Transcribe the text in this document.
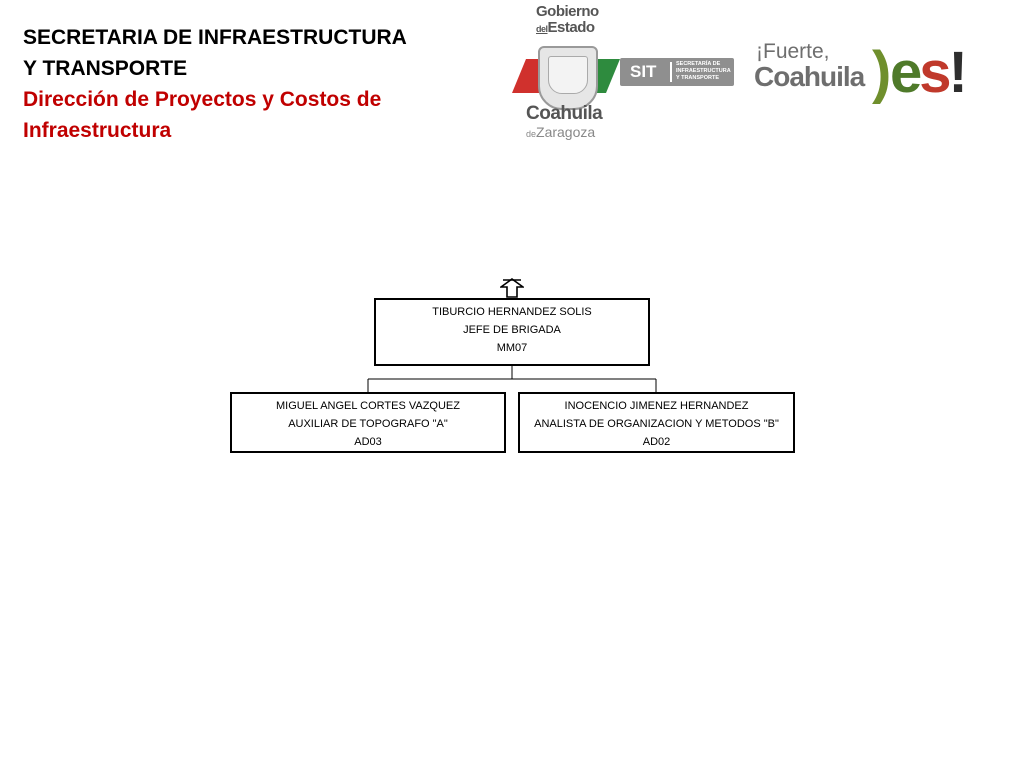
SECRETARIA DE INFRAESTRUCTURA

Y TRANSPORTE

Dirección de Proyectos y Costos de

Infraestructura

Gobierno
delEstado
Coahuila
deZaragoza
SIT	SECRETARÍA DE
INFRAESTRUCTURA
Y TRANSPORTE
¡Fuerte,
Coahuila )
es!
TIBURCIO HERNANDEZ SOLIS
JEFE DE BRIGADA
MM07
MIGUEL ANGEL CORTES VAZQUEZ
AUXILIAR DE TOPOGRAFO "A"
AD03
INOCENCIO JIMENEZ HERNANDEZ
ANALISTA DE ORGANIZACION Y METODOS "B"
AD02
